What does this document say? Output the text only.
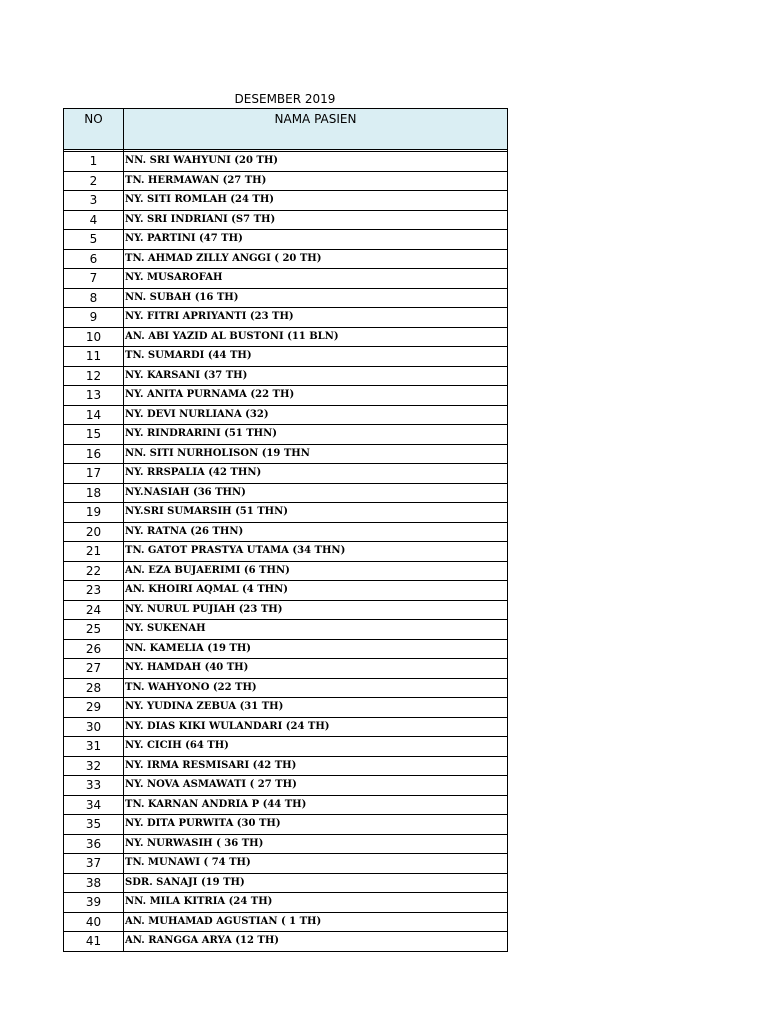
DESEMBER 2019
NO	NAMA PASIEN

1	NN. SRI WAHYUNI (20 TH)
2	TN. HERMAWAN (27 TH)
3	NY. SITI ROMLAH (24 TH)
4	NY. SRI INDRIANI (S7 TH)
5	NY. PARTINI (47 TH)
6	TN. AHMAD ZILLY ANGGI ( 20 TH)
7	NY. MUSAROFAH
8	NN. SUBAH (16 TH)
9	NY. FITRI APRIYANTI (23 TH)
10	AN. ABI YAZID AL BUSTONI (11 BLN)
11	TN. SUMARDI (44 TH)
12	NY. KARSANI (37 TH)
13	NY. ANITA PURNAMA (22 TH)
14	NY. DEVI NURLIANA (32)
15	NY. RINDRARINI (51 THN)
16	NN. SITI NURHOLISON (19 THN
17	NY. RRSPALIA (42 THN)
18	NY.NASIAH (36 THN)
19	NY.SRI SUMARSIH (51 THN)
20	NY. RATNA (26 THN)
21	TN. GATOT PRASTYA UTAMA (34 THN)
22	AN. EZA BUJAERIMI (6 THN)
23	AN. KHOIRI AQMAL (4 THN)
24	NY. NURUL PUJIAH (23 TH)
25	NY. SUKENAH
26	NN. KAMELIA (19 TH)
27	NY. HAMDAH (40 TH)
28	TN. WAHYONO (22 TH)
29	NY. YUDINA ZEBUA (31 TH)
30	NY. DIAS KIKI WULANDARI (24 TH)
31	NY. CICIH (64 TH)
32	NY. IRMA RESMISARI (42 TH)
33	NY. NOVA ASMAWATI ( 27 TH)
34	TN. KARNAN ANDRIA P (44 TH)
35	NY. DITA PURWITA (30 TH)
36	NY. NURWASIH ( 36 TH)
37	TN. MUNAWI ( 74 TH)
38	SDR. SANAJI (19 TH)
39	NN. MILA KITRIA (24 TH)
40	AN. MUHAMAD AGUSTIAN ( 1 TH)
41	AN. RANGGA ARYA (12 TH)
